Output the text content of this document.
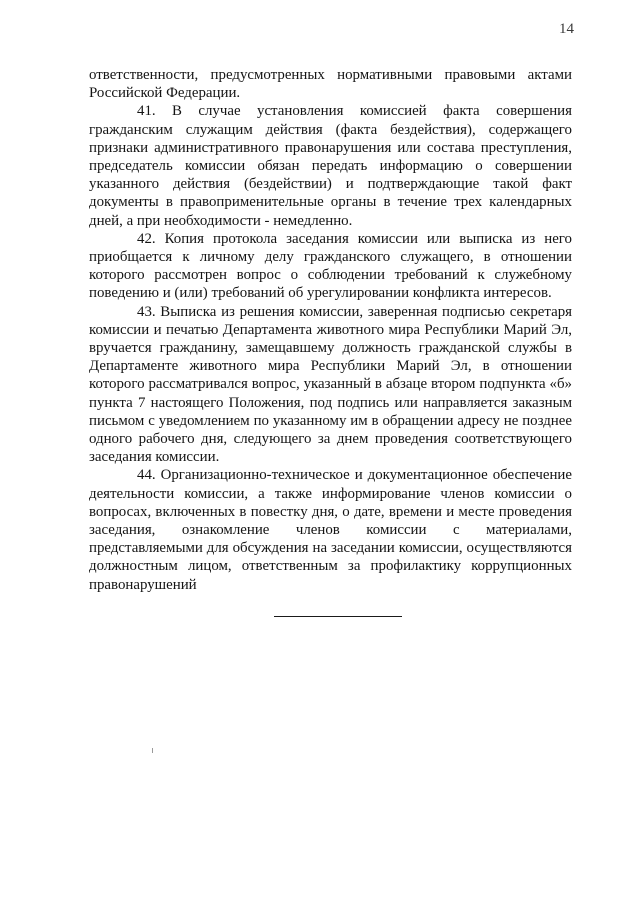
14

ответственности, предусмотренных нормативными правовыми актами Российской Федерации.

41. В случае установления комиссией факта совершения гражданским служащим действия (факта бездействия), содержащего признаки административного правонарушения или состава преступления, председатель комиссии обязан передать информацию о совершении указанного действия (бездействии) и подтверждающие такой факт документы в правоприменительные органы в течение трех календарных дней, а при необходимости - немедленно.

42. Копия протокола заседания комиссии или выписка из него приобщается к личному делу гражданского служащего, в отношении которого рассмотрен вопрос о соблюдении требований к служебному поведению и (или) требований об урегулировании конфликта интересов.

43. Выписка из решения комиссии, заверенная подписью секретаря комиссии и печатью Департамента животного мира Республики Марий Эл, вручается гражданину, замещавшему должность гражданской службы в Департаменте животного мира Республики Марий Эл, в отношении которого рассматривался вопрос, указанный в абзаце втором подпункта «б» пункта 7 настоящего Положения, под подпись или направляется заказным письмом с уведомлением по указанному им в обращении адресу не позднее одного рабочего дня, следующего за днем проведения соответствующего заседания комиссии.

44. Организационно-техническое и документационное обеспечение деятельности комиссии, а также информирование членов комиссии о вопросах, включенных в повестку дня, о дате, времени и месте проведения заседания, ознакомление членов комиссии с материалами, представляемыми для обсуждения на заседании комиссии, осуществляются должностным лицом, ответственным за профилактику коррупционных правонарушений
